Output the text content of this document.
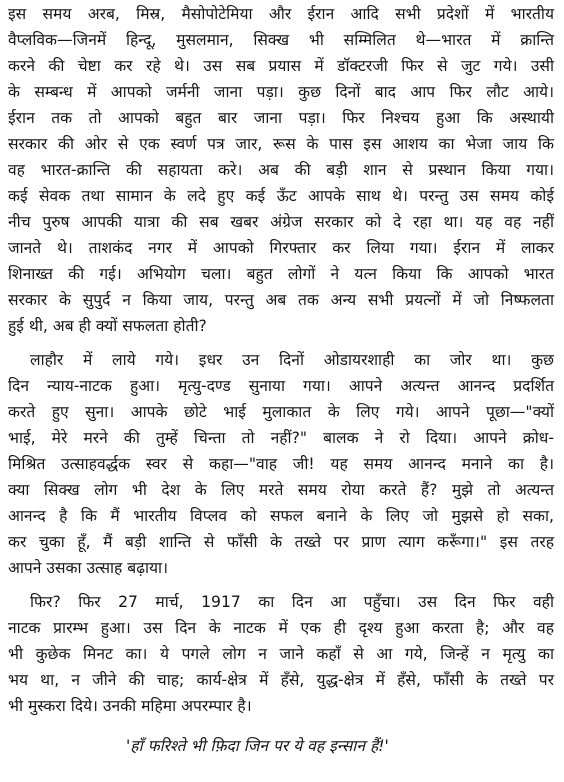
इस समय अरब, मिस्र, मैसोपोटेमिया और ईरान आदि सभी प्रदेशों में भारतीय
वैप्लविक—जिनमें हिन्दू, मुसलमान, सिक्ख भी सम्मिलित थे—भारत में क्रान्ति
करने की चेष्टा कर रहे थे। उस सब प्रयास में डॉक्टरजी फिर से जुट गये। उसी
के सम्बन्ध में आपको जर्मनी जाना पड़ा। कुछ दिनों बाद आप फिर लौट आये।
ईरान तक तो आपको बहुत बार जाना पड़ा। फिर निश्चय हुआ कि अस्थायी
सरकार की ओर से एक स्वर्ण पत्र जार, रूस के पास इस आशय का भेजा जाय कि
वह भारत-क्रान्ति की सहायता करे। अब की बड़ी शान से प्रस्थान किया गया।
कई सेवक तथा सामान के लदे हुए कई ऊँट आपके साथ थे। परन्तु उस समय कोई
नीच पुरुष आपकी यात्रा की सब खबर अंग्रेज सरकार को दे रहा था। यह वह नहीं
जानते थे। ताशकंद नगर में आपको गिरफ्तार कर लिया गया। ईरान में लाकर
शिनाख्त की गई। अभियोग चला। बहुत लोगों ने यत्न किया कि आपको भारत
सरकार के सुपुर्द न किया जाय, परन्तु अब तक अन्य सभी प्रयत्नों में जो निष्फलता
हुई थी, अब ही क्यों सफलता होती?
लाहौर में लाये गये। इधर उन दिनों ओडायरशाही का जोर था। कुछ
दिन न्याय-नाटक हुआ। मृत्यु-दण्ड सुनाया गया। आपने अत्यन्त आनन्द प्रदर्शित
करते हुए सुना। आपके छोटे भाई मुलाकात के लिए गये। आपने पूछा—"क्यों
भाई, मेरे मरने की तुम्हें चिन्ता तो नहीं?" बालक ने रो दिया। आपने क्रोध-
मिश्रित उत्साहवर्द्धक स्वर से कहा—"वाह जी! यह समय आनन्द मनाने का है।
क्या सिक्ख लोग भी देश के लिए मरते समय रोया करते हैं? मुझे तो अत्यन्त
आनन्द है कि मैं भारतीय विप्लव को सफल बनाने के लिए जो मुझसे हो सका,
कर चुका हूँ, मैं बड़ी शान्ति से फाँसी के तख्ते पर प्राण त्याग करूँगा।" इस तरह
आपने उसका उत्साह बढ़ाया।
फिर? फिर 27 मार्च, 1917 का दिन आ पहुँचा। उस दिन फिर वही
नाटक प्रारम्भ हुआ। उस दिन के नाटक में एक ही दृश्य हुआ करता है; और वह
भी कुछेक मिनट का। ये पगले लोग न जाने कहाँ से आ गये, जिन्हें न मृत्यु का
भय था, न जीने की चाह; कार्य-क्षेत्र में हँसे, युद्ध-क्षेत्र में हँसे, फाँसी के तख्ते पर
भी मुस्करा दिये। उनकी महिमा अपरम्पार है।
'हाँ फरिश्ते भी फ़िदा जिन पर ये वह इन्सान हैं!'
